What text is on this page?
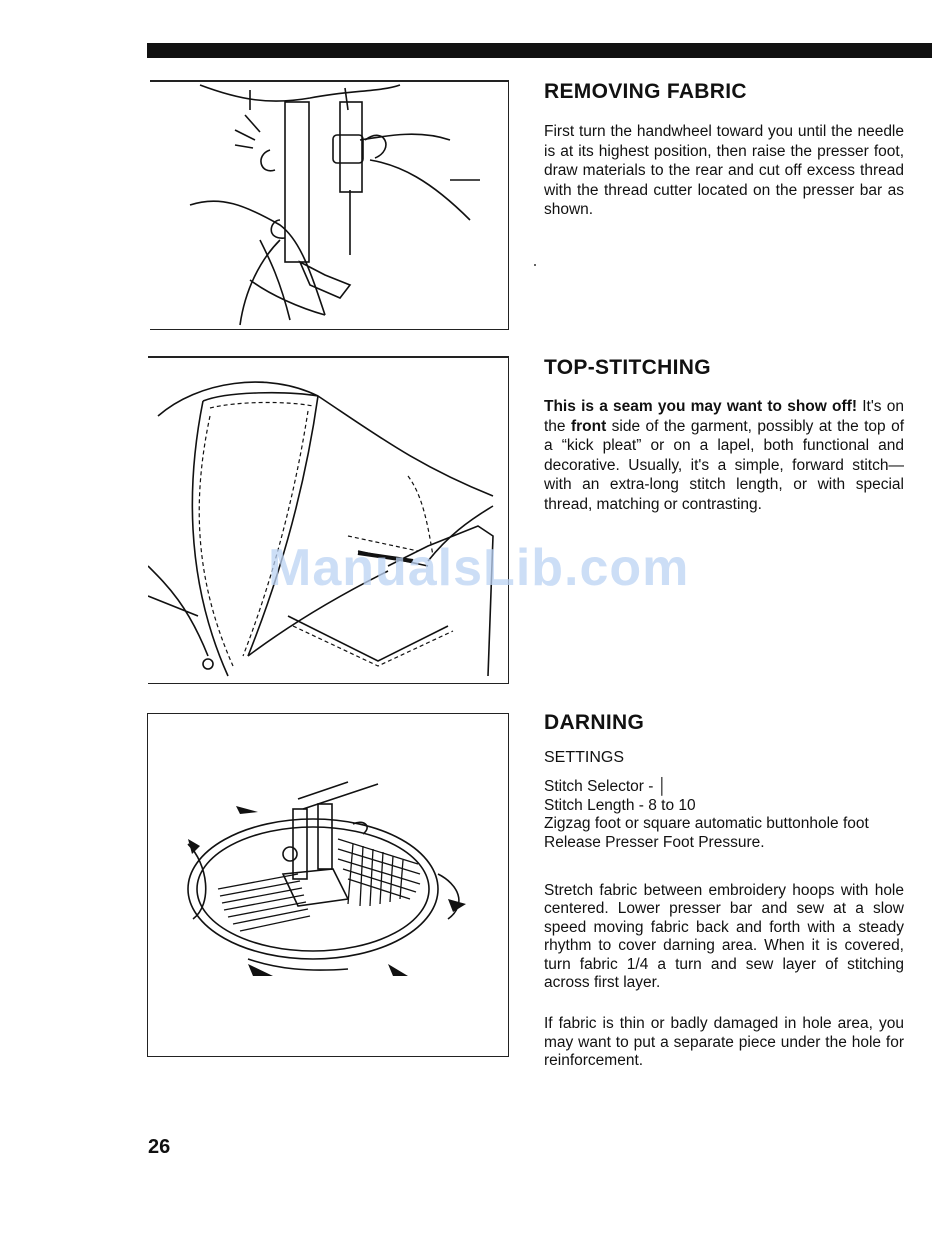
REMOVING FABRIC
First turn the handwheel toward you until the needle is at its highest position, then raise the presser foot, draw materials to the rear and cut off excess thread with the thread cutter located on the presser bar as shown.
TOP-STITCHING
This is a seam you may want to show off! It's on the front side of the garment, possibly at the top of a “kick pleat” or on a lapel, both functional and decorative. Usually, it's a simple, forward stitch—with an extra-long stitch length, or with special thread, matching or contrasting.
ManualsLib.com
DARNING
SETTINGS
Stitch Selector - │
Stitch Length - 8 to 10
Zigzag foot or square automatic buttonhole foot
Release Presser Foot Pressure.
Stretch fabric between embroidery hoops with hole centered. Lower presser bar and sew at a slow speed moving fabric back and forth with a steady rhythm to cover darning area. When it is covered, turn fabric 1/4 a turn and sew layer of stitching across first layer.
If fabric is thin or badly damaged in hole area, you may want to put a separate piece under the hole for reinforcement.
26
